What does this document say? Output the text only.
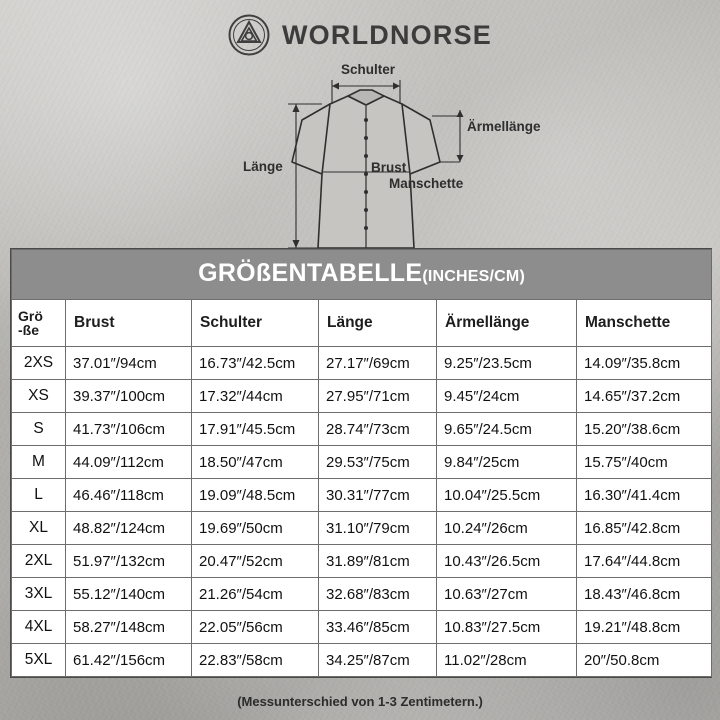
WORLDNORSE
Schulter
Ärmellänge
Länge	Brust
Manschette
GRÖßENTABELLE(INCHES/CM)					

Grö
-ße	Brust	Schulter	Länge	Ärmellänge	Manschette
2XS	37.01″/94cm	16.73″/42.5cm	27.17″/69cm	9.25″/23.5cm	14.09″/35.8cm
XS	39.37″/100cm	17.32″/44cm	27.95″/71cm	9.45″/24cm	14.65″/37.2cm
S	41.73″/106cm	17.91″/45.5cm	28.74″/73cm	9.65″/24.5cm	15.20″/38.6cm
M	44.09″/112cm	18.50″/47cm	29.53″/75cm	9.84″/25cm	15.75″/40cm
L	46.46″/118cm	19.09″/48.5cm	30.31″/77cm	10.04″/25.5cm	16.30″/41.4cm
XL	48.82″/124cm	19.69″/50cm	31.10″/79cm	10.24″/26cm	16.85″/42.8cm
2XL	51.97″/132cm	20.47″/52cm	31.89″/81cm	10.43″/26.5cm	17.64″/44.8cm
3XL	55.12″/140cm	21.26″/54cm	32.68″/83cm	10.63″/27cm	18.43″/46.8cm
4XL	58.27″/148cm	22.05″/56cm	33.46″/85cm	10.83″/27.5cm	19.21″/48.8cm
5XL	61.42″/156cm	22.83″/58cm	34.25″/87cm	11.02″/28cm	20″/50.8cm
(Messunterschied von 1-3 Zentimetern.)
